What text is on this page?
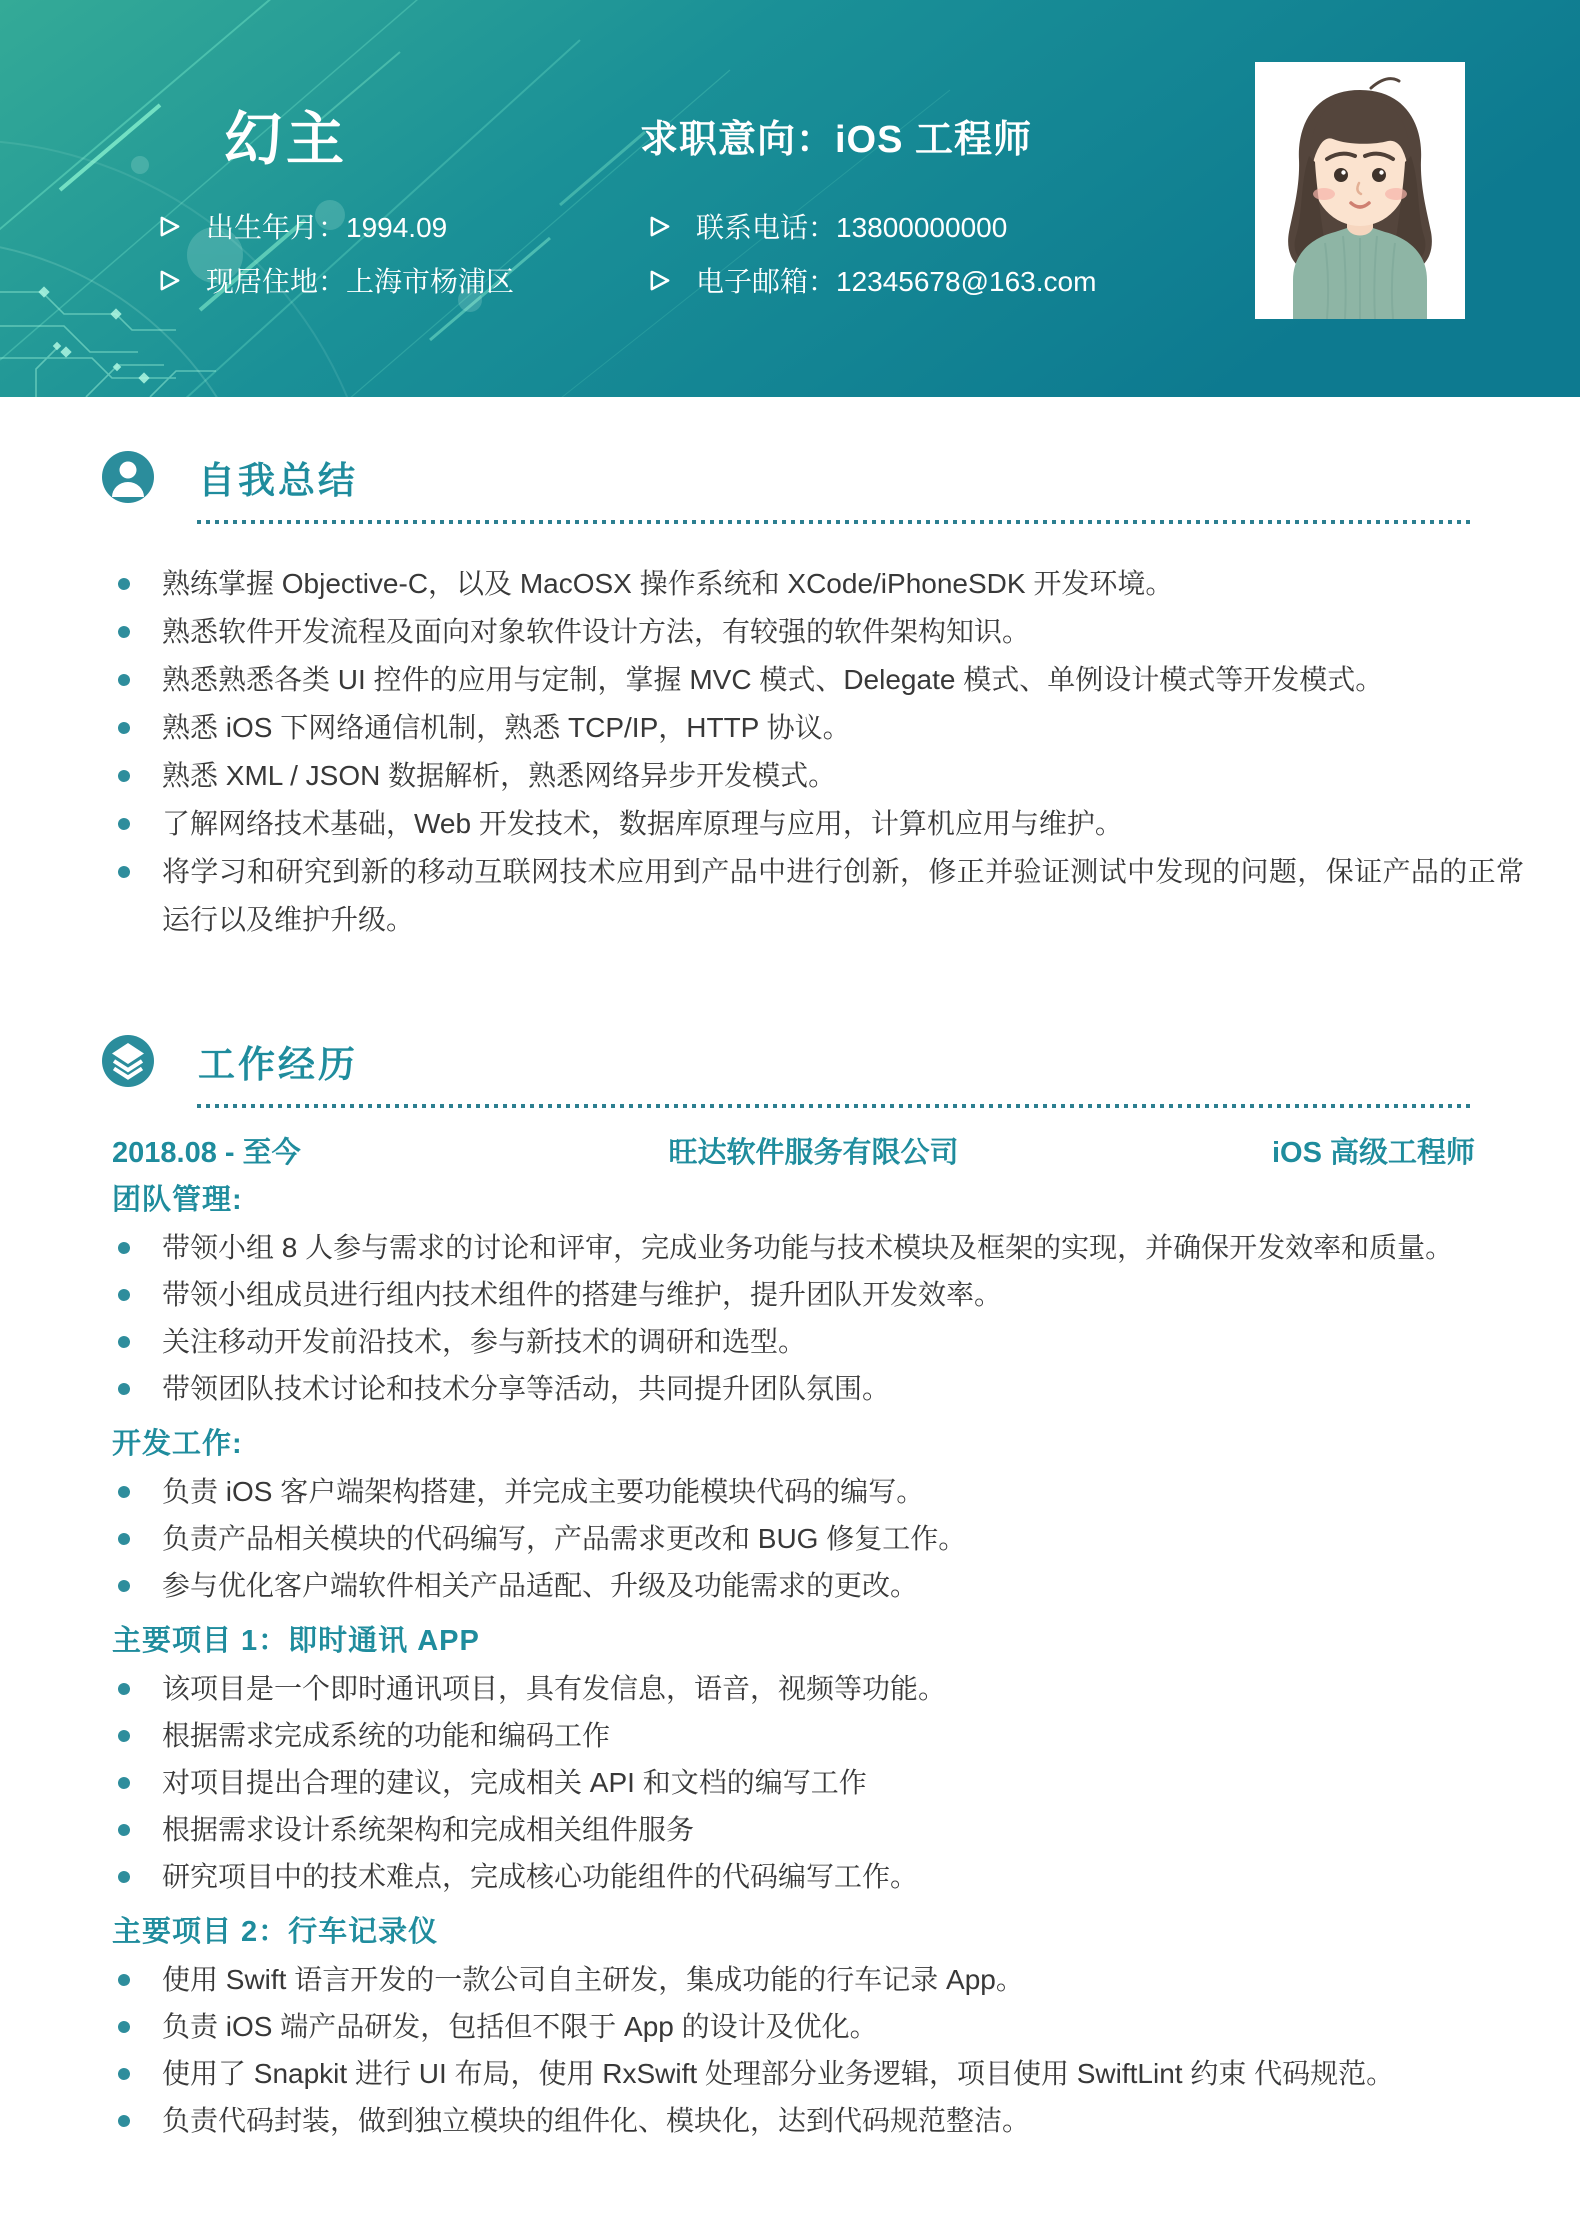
幻主	求职意向：iOS 工程师
出生年月：1994.09	联系电话：13800000000
现居住地：上海市杨浦区	电子邮箱：12345678@163.com
自我总结
熟练掌握 Objective-C，以及 MacOSX 操作系统和 XCode/iPhoneSDK 开发环境。
熟悉软件开发流程及面向对象软件设计方法，有较强的软件架构知识。
熟悉熟悉各类 UI 控件的应用与定制，掌握 MVC 模式、Delegate 模式、单例设计模式等开发模式。
熟悉 iOS 下网络通信机制，熟悉 TCP/IP，HTTP 协议。
熟悉 XML / JSON 数据解析，熟悉网络异步开发模式。
了解网络技术基础，Web 开发技术，数据库原理与应用，计算机应用与维护。
将学习和研究到新的移动互联网技术应用到产品中进行创新，修正并验证测试中发现的问题，保证产品的正常运行以及维护升级。
工作经历
2018.08 - 至今	旺达软件服务有限公司	iOS 高级工程师
团队管理:
带领小组 8 人参与需求的讨论和评审，完成业务功能与技术模块及框架的实现，并确保开发效率和质量。
带领小组成员进行组内技术组件的搭建与维护，提升团队开发效率。
关注移动开发前沿技术，参与新技术的调研和选型。
带领团队技术讨论和技术分享等活动，共同提升团队氛围。
开发工作:
负责 iOS 客户端架构搭建，并完成主要功能模块代码的编写。
负责产品相关模块的代码编写，产品需求更改和 BUG 修复工作。
参与优化客户端软件相关产品适配、升级及功能需求的更改。
主要项目 1：即时通讯 APP
该项目是一个即时通讯项目，具有发信息，语音，视频等功能。
根据需求完成系统的功能和编码工作
对项目提出合理的建议，完成相关 API 和文档的编写工作
根据需求设计系统架构和完成相关组件服务
研究项目中的技术难点，完成核心功能组件的代码编写工作。
主要项目 2：行车记录仪
使用 Swift 语言开发的一款公司自主研发，集成功能的行车记录 App。
负责 iOS 端产品研发，包括但不限于 App 的设计及优化。
使用了 Snapkit 进行 UI 布局，使用 RxSwift 处理部分业务逻辑，项目使用 SwiftLint 约束 代码规范。
负责代码封装，做到独立模块的组件化、模块化，达到代码规范整洁。
